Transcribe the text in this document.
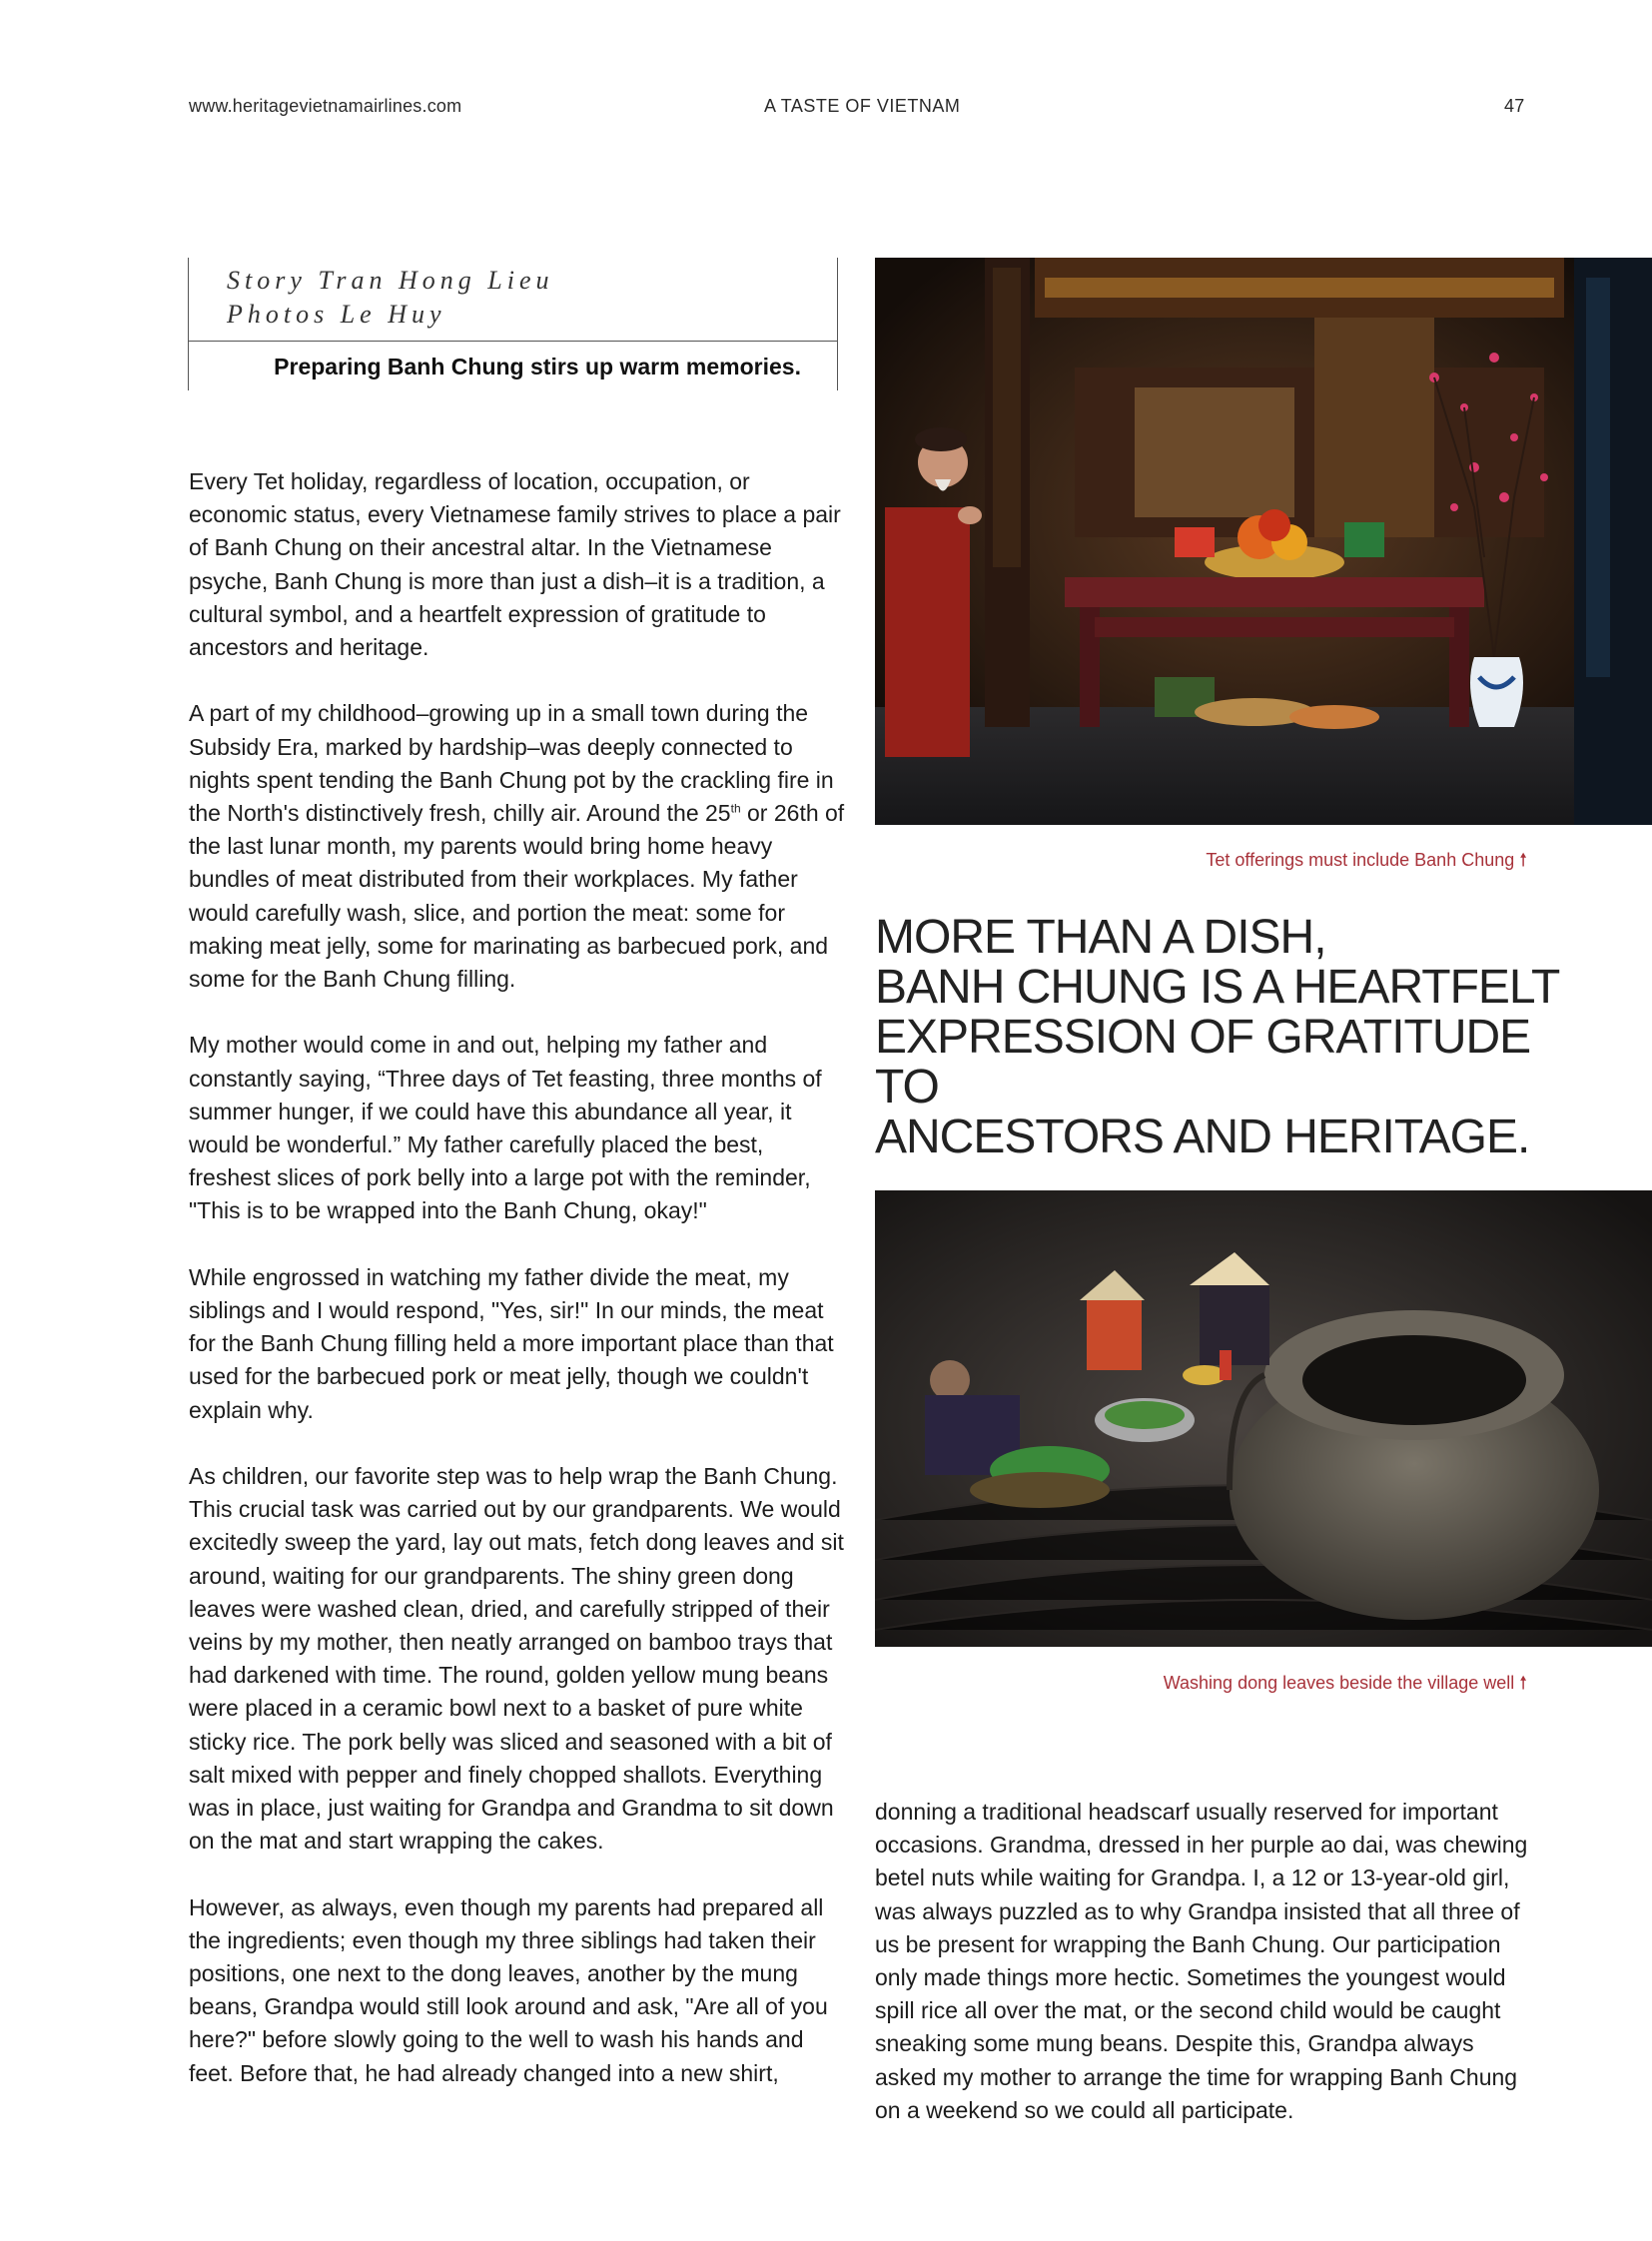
www.heritagevietnamairlines.com	A TASTE OF VIETNAM	47
Story Tran Hong Lieu
Photos Le Huy
Preparing Banh Chung stirs up warm memories.

Every Tet holiday, regardless of location, occupation, or economic status, every Vietnamese family strives to place a pair of Banh Chung on their ancestral altar. In the Vietnamese psyche, Banh Chung is more than just a dish–it is a tradition, a cultural symbol, and a heartfelt expression of gratitude to ancestors and heritage.

A part of my childhood–growing up in a small town during the Subsidy Era, marked by hardship–was deeply connected to nights spent tending the Banh Chung pot by the crackling fire in the North's distinctively fresh, chilly air. Around the 25th or 26th of the last lunar month, my parents would bring home heavy bundles of meat distributed from their workplaces. My father would carefully wash, slice, and portion the meat: some for making meat jelly, some for marinating as barbecued pork, and some for the Banh Chung filling.

My mother would come in and out, helping my father and constantly saying, “Three days of Tet feasting, three months of summer hunger, if we could have this abundance all year, it would be wonderful.” My father carefully placed the best, freshest slices of pork belly into a large pot with the reminder, "This is to be wrapped into the Banh Chung, okay!"

While engrossed in watching my father divide the meat, my siblings and I would respond, "Yes, sir!" In our minds, the meat for the Banh Chung filling held a more important place than that used for the barbecued pork or meat jelly, though we couldn't explain why.

As children, our favorite step was to help wrap the Banh Chung. This crucial task was carried out by our grandparents. We would excitedly sweep the yard, lay out mats, fetch dong leaves and sit around, waiting for our grandparents. The shiny green dong leaves were washed clean, dried, and carefully stripped of their veins by my mother, then neatly arranged on bamboo trays that had darkened with time. The round, golden yellow mung beans were placed in a ceramic bowl next to a basket of pure white sticky rice. The pork belly was sliced and seasoned with a bit of salt mixed with pepper and finely chopped shallots. Everything was in place, just waiting for Grandpa and Grandma to sit down on the mat and start wrapping the cakes.

However, as always, even though my parents had prepared all the ingredients; even though my three siblings had taken their positions, one next to the dong leaves, another by the mung beans, Grandpa would still look around and ask, "Are all of you here?" before slowly going to the well to wash his hands and feet. Before that, he had already changed into a new shirt,

Tet offerings must include Banh Chung 🠕
MORE THAN A DISH,
BANH CHUNG IS A HEARTFELT
EXPRESSION OF GRATITUDE TO
ANCESTORS AND HERITAGE.
Washing dong leaves beside the village well 🠕

donning a traditional headscarf usually reserved for important occasions. Grandma, dressed in her purple ao dai, was chewing betel nuts while waiting for Grandpa. I, a 12 or 13-year-old girl, was always puzzled as to why Grandpa insisted that all three of us be present for wrapping the Banh Chung. Our participation only made things more hectic. Sometimes the youngest would spill rice all over the mat, or the second child would be caught sneaking some mung beans. Despite this, Grandpa always asked my mother to arrange the time for wrapping Banh Chung on a weekend so we could all participate.
